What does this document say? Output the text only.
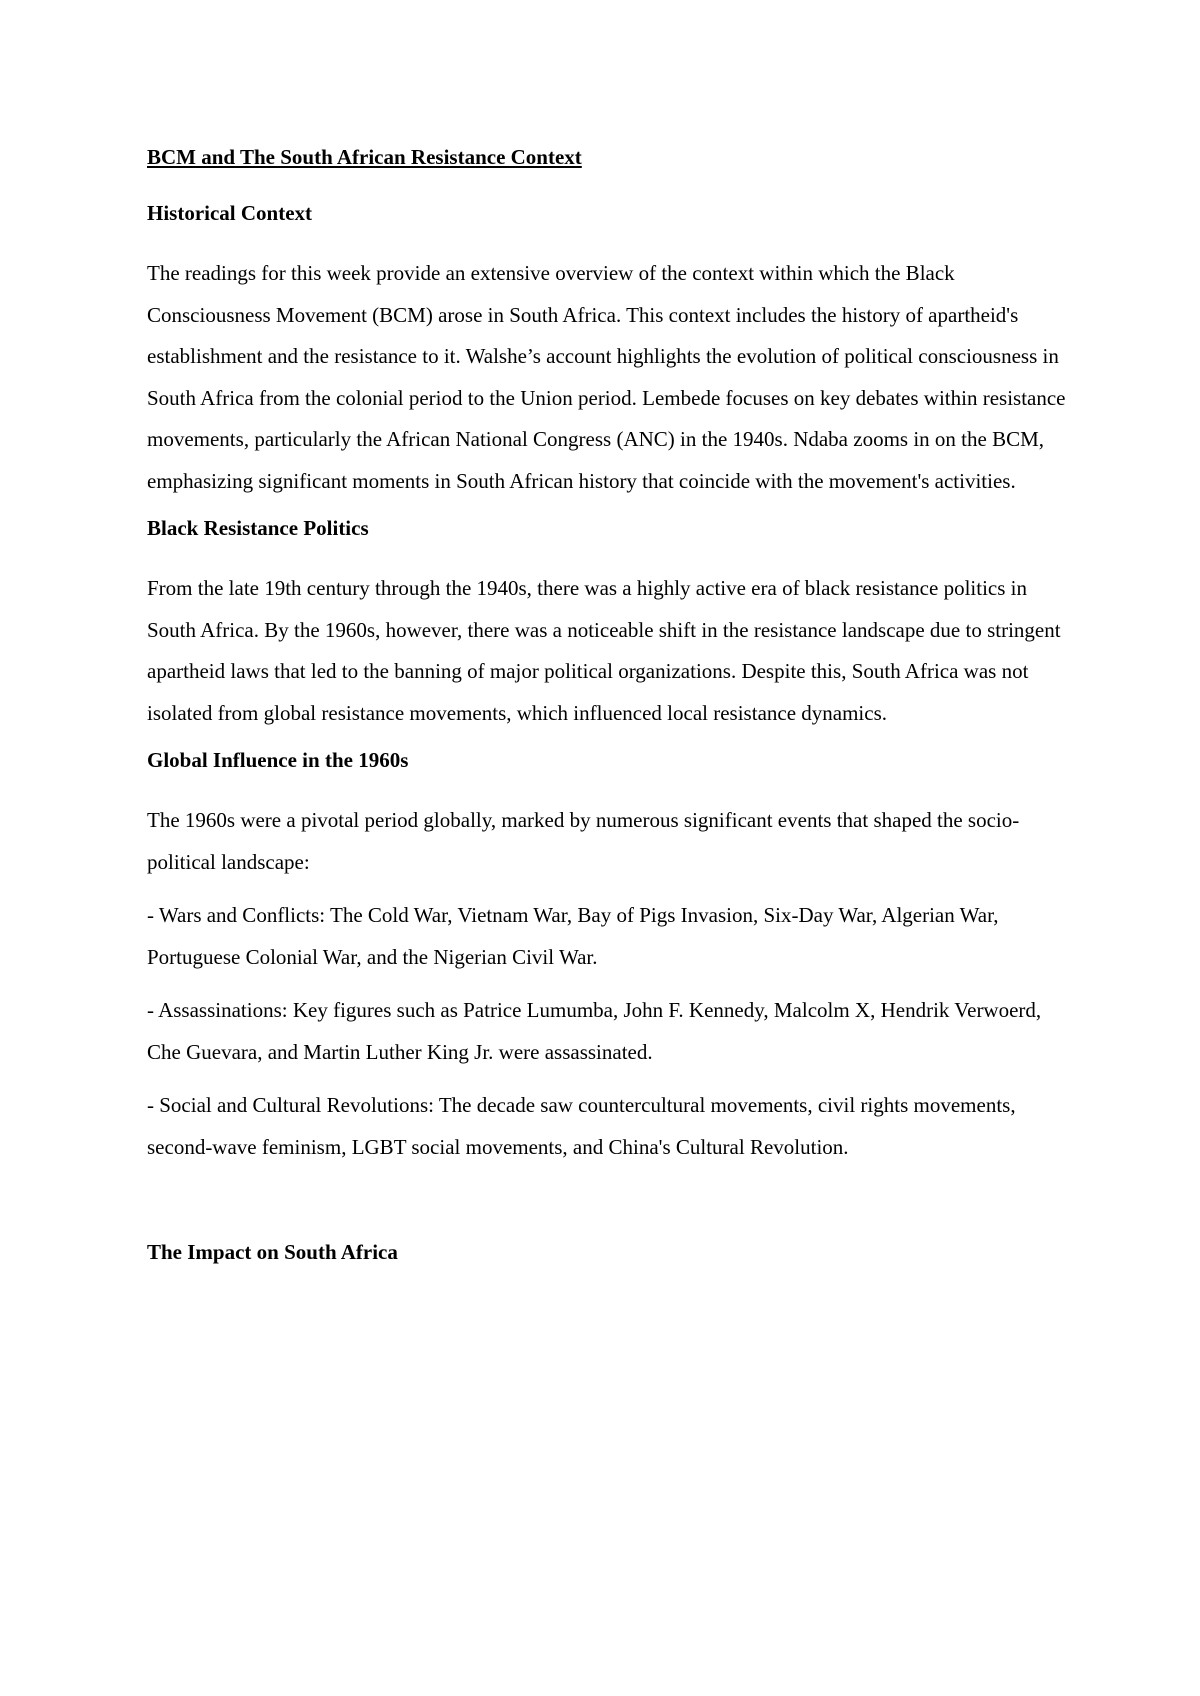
BCM and The South African Resistance Context
Historical Context

The readings for this week provide an extensive overview of the context within which the Black Consciousness Movement (BCM) arose in South Africa. This context includes the history of apartheid's establishment and the resistance to it. Walshe’s account highlights the evolution of political consciousness in South Africa from the colonial period to the Union period. Lembede focuses on key debates within resistance movements, particularly the African National Congress (ANC) in the 1940s. Ndaba zooms in on the BCM, emphasizing significant moments in South African history that coincide with the movement's activities.

Black Resistance Politics

From the late 19th century through the 1940s, there was a highly active era of black resistance politics in South Africa. By the 1960s, however, there was a noticeable shift in the resistance landscape due to stringent apartheid laws that led to the banning of major political organizations. Despite this, South Africa was not isolated from global resistance movements, which influenced local resistance dynamics.

Global Influence in the 1960s

The 1960s were a pivotal period globally, marked by numerous significant events that shaped the socio-political landscape:

- Wars and Conflicts: The Cold War, Vietnam War, Bay of Pigs Invasion, Six-Day War, Algerian War, Portuguese Colonial War, and the Nigerian Civil War.

- Assassinations: Key figures such as Patrice Lumumba, John F. Kennedy, Malcolm X, Hendrik Verwoerd, Che Guevara, and Martin Luther King Jr. were assassinated.

- Social and Cultural Revolutions: The decade saw countercultural movements, civil rights movements, second-wave feminism, LGBT social movements, and China's Cultural Revolution.

The Impact on South Africa
